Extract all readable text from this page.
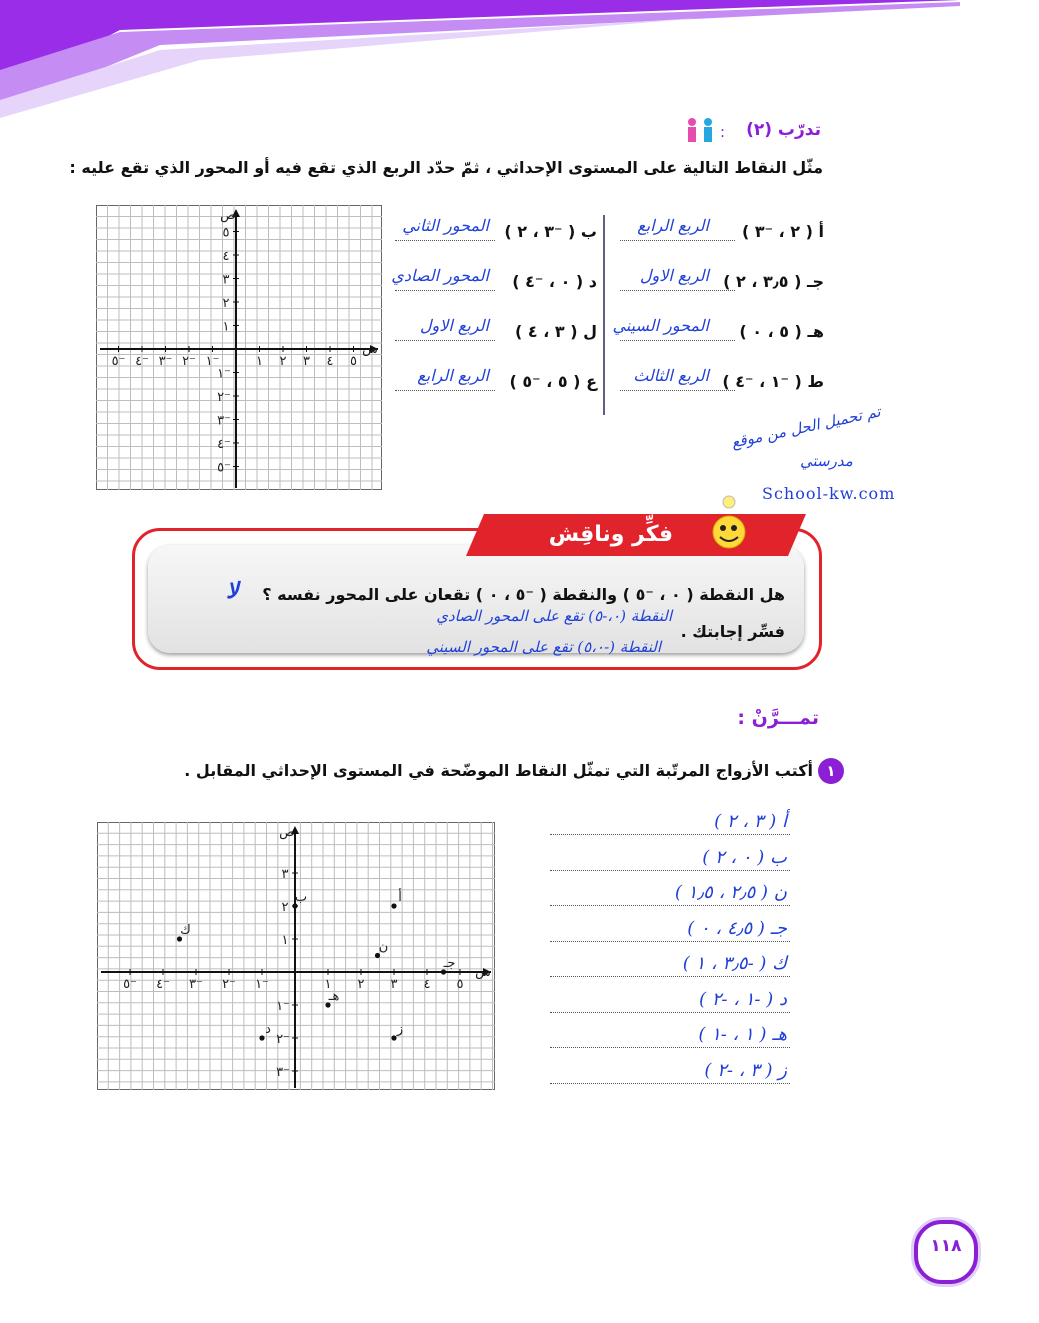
تدرّب (٢)
:
مثّل النقاط التالية على المستوى الإحداثي ، ثمّ حدّد الربع الذي تقع فيه أو المحور الذي تقع عليه :
ص
س
٥
٤
٣
٢
١
١⁻
٢⁻
٣⁻
٤⁻
٥⁻
١ ٢ ٣ ٤ ٥
١⁻
٢⁻
٣⁻
٤⁻
٥⁻
أ ( ٢ ، ⁻٣ )
الربع الرابع
ب ( ⁻٣ ، ٢ )
المحور الثاني
جـ ( ٣٫٥ ، ٢ )
الربع الاول
د ( ٠ ، ⁻٤ )
المحور الصادي
هـ ( ٥ ، ٠ )
المحور السيني
ل ( ٣ ، ٤ )
الربع الاول
ط ( ⁻١ ، ⁻٤ )
الربع الثالث
ع ( ٥ ، ⁻٥ )
الربع الرابع
تم تحميل الحل من موقع
مدرستي
School-kw.com
فكِّر وناقِش
هل النقطة ( ٠ ، ⁻٥ ) والنقطة ( ⁻٥ ، ٠ ) تقعان على المحور نفسه ؟
لا
فسِّر إجابتك .
النقطة (٠،-٥) تقع على المحور الصادي
النقطة (-٥،٠) تقع على المحور السيني
تمـــرَّنْ :
١
أكتب الأزواج المرتّبة التي تمثّل النقاط الموضّحة في المستوى الإحداثي المقابل .
ص
س
٣
٢
١
١⁻
٢⁻
٣⁻
١ ٢ ٣ ٤ ٥
١⁻
٢⁻
٣⁻
٤⁻
٥⁻
أ
ب
ن
جـ
ك
د
هـ
ز
أ ( ٣ ، ٢ )
ب ( ٠ ، ٢ )
ن ( ٢٫٥ ، ١٫٥ )
جـ ( ٤٫٥ ، ٠ )
ك ( -٣٫٥ ، ١ )
د ( -١ ، -٢ )
هـ ( ١ ، -١ )
ز ( ٣ ، -٢ )
١١٨
